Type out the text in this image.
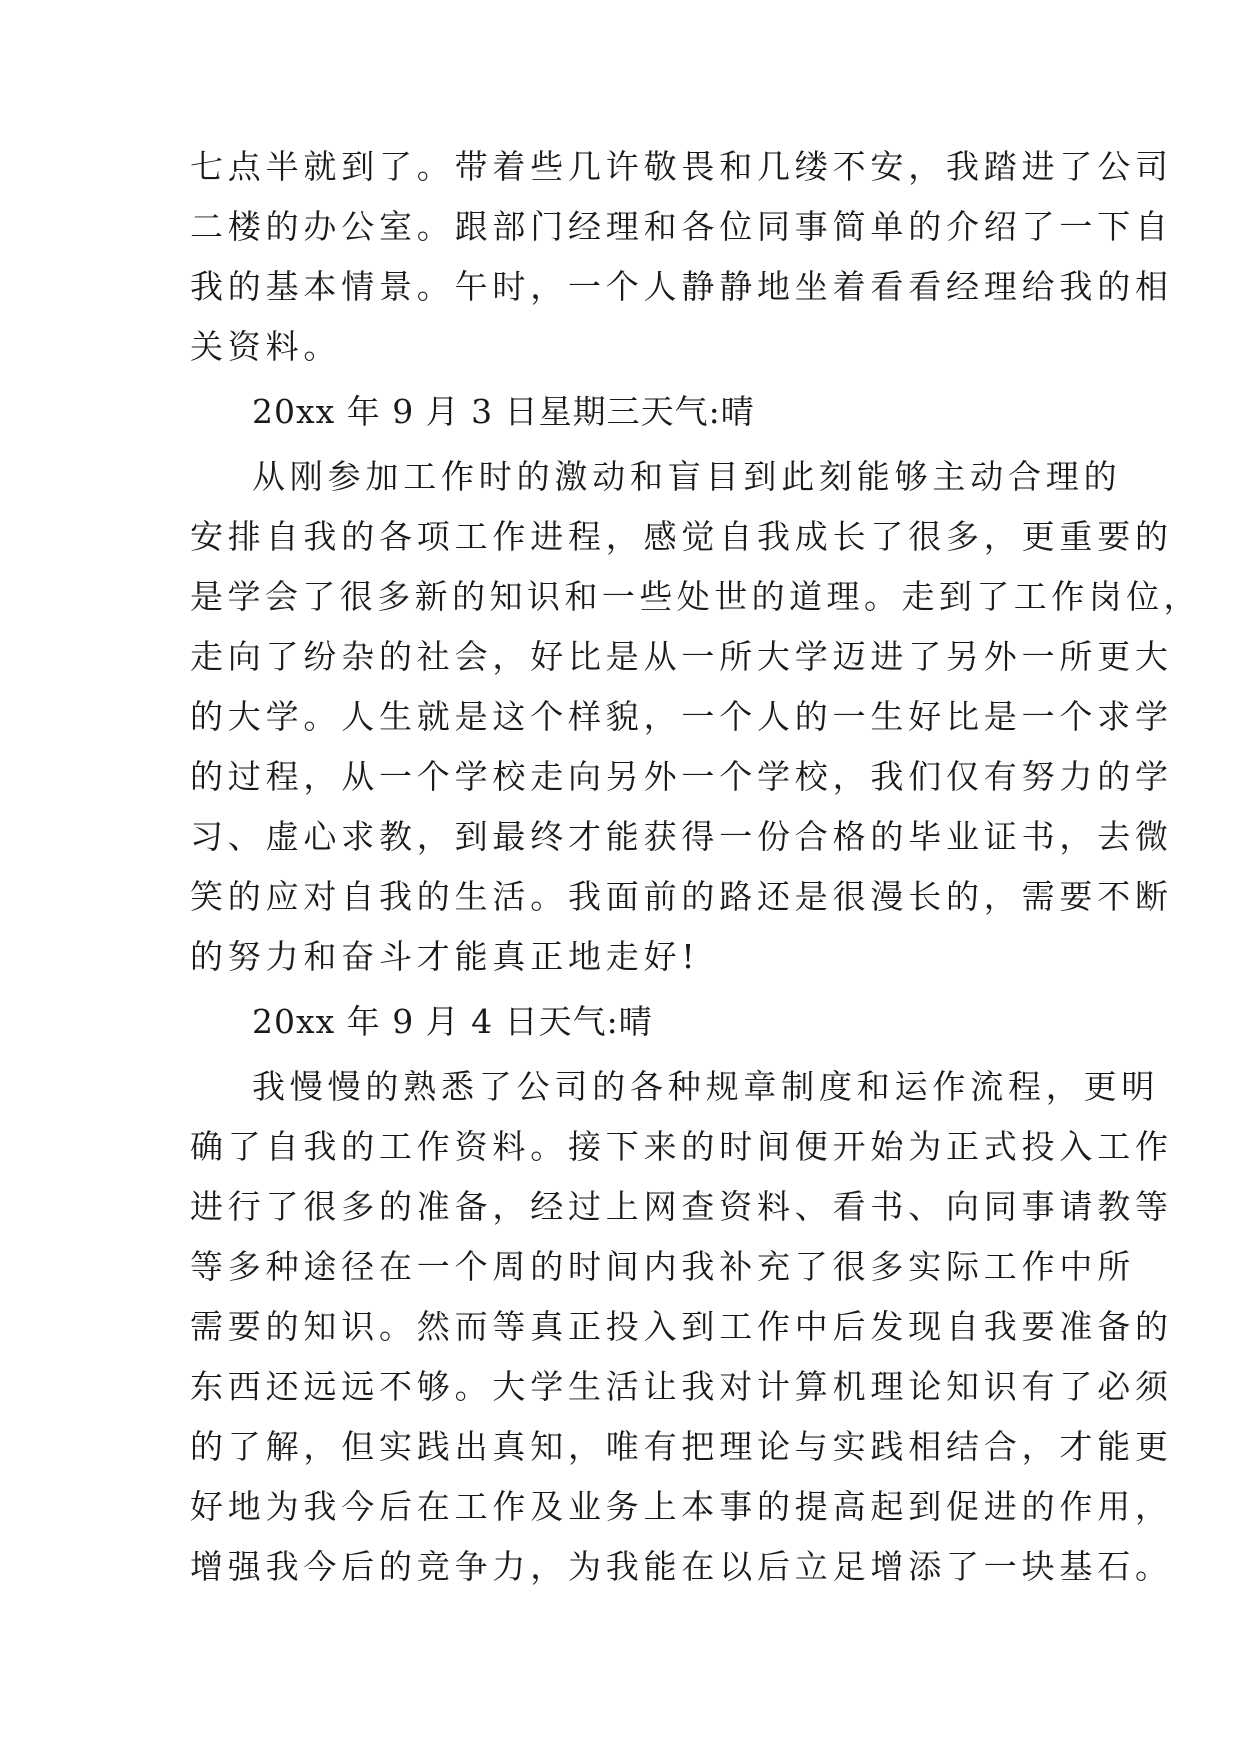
七点半就到了。带着些几许敬畏和几缕不安，我踏进了公司
二楼的办公室。跟部门经理和各位同事简单的介绍了一下自
我的基本情景。午时，一个人静静地坐着看看经理给我的相
关资料。
20xx 年 9 月 3 日星期三天气:晴
从刚参加工作时的激动和盲目到此刻能够主动合理的
安排自我的各项工作进程，感觉自我成长了很多，更重要的
是学会了很多新的知识和一些处世的道理。走到了工作岗位，
走向了纷杂的社会，好比是从一所大学迈进了另外一所更大
的大学。人生就是这个样貌，一个人的一生好比是一个求学
的过程，从一个学校走向另外一个学校，我们仅有努力的学
习、虚心求教，到最终才能获得一份合格的毕业证书，去微
笑的应对自我的生活。我面前的路还是很漫长的，需要不断
的努力和奋斗才能真正地走好!
20xx 年 9 月 4 日天气:晴
我慢慢的熟悉了公司的各种规章制度和运作流程，更明
确了自我的工作资料。接下来的时间便开始为正式投入工作
进行了很多的准备，经过上网查资料、看书、向同事请教等
等多种途径在一个周的时间内我补充了很多实际工作中所
需要的知识。然而等真正投入到工作中后发现自我要准备的
东西还远远不够。大学生活让我对计算机理论知识有了必须
的了解，但实践出真知，唯有把理论与实践相结合，才能更
好地为我今后在工作及业务上本事的提高起到促进的作用，
增强我今后的竞争力，为我能在以后立足增添了一块基石。
